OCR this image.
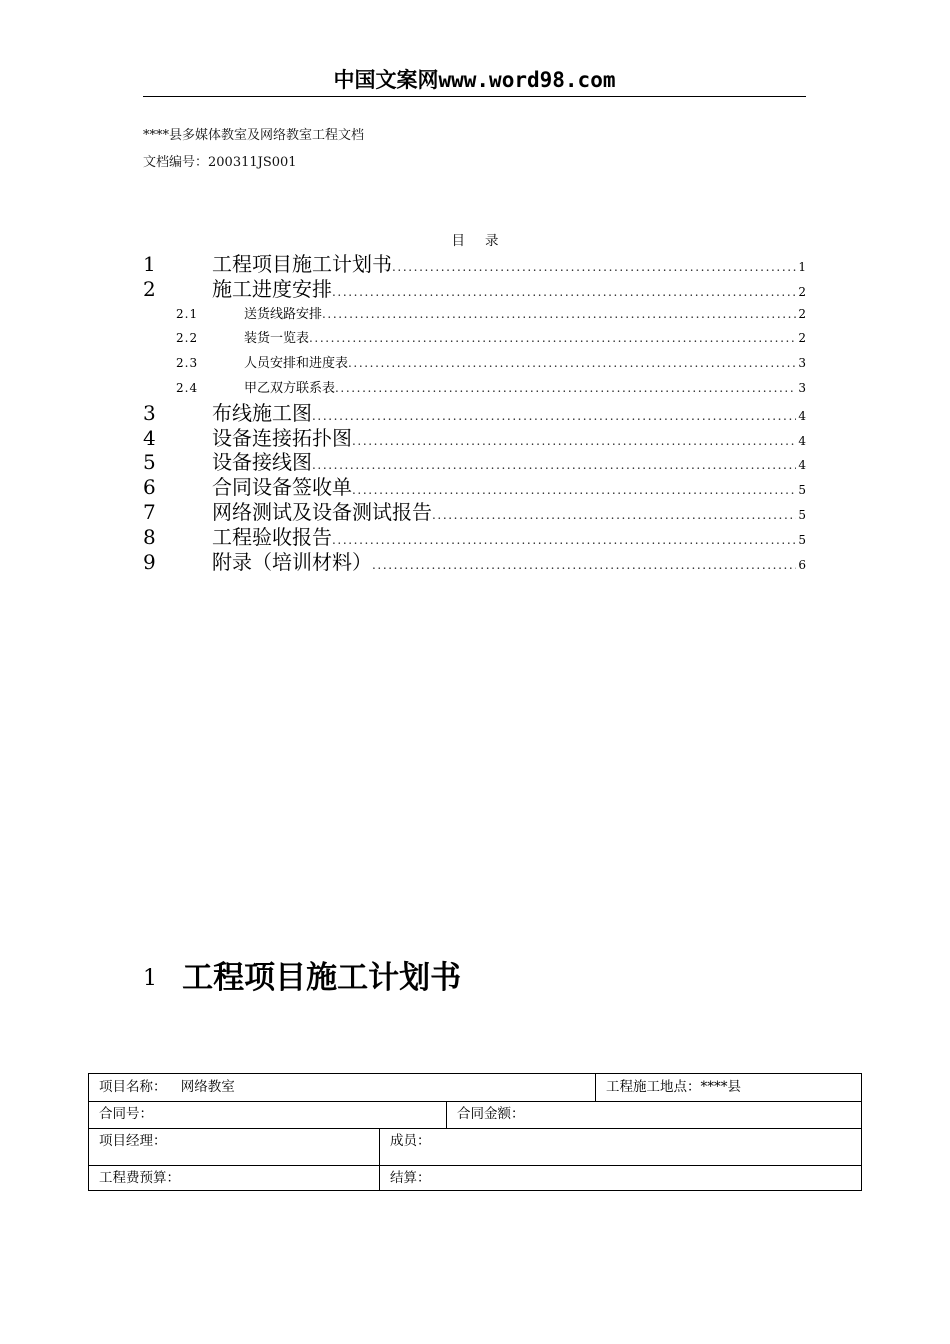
中国文案网www.word98.com
****县多媒体教室及网络教室工程文档
文档编号：200311JS001
目录
1	工程项目施工计划书 .....	1
2	施工进度安排 .....	2
2.1	送货线路安排 .....	2
2.2	装货一览表 .....	2
2.3	人员安排和进度表 .....	3
2.4	甲乙双方联系表 .....	3
3	布线施工图 .....	4
4	设备连接拓扑图 .....	4
5	设备接线图 .....	4
6	合同设备签收单 .....	5
7	网络测试及设备测试报告 .....	5
8	工程验收报告 .....	5
9	附录（培训材料） .....	6
1 工程项目施工计划书
项目名称： 网络教室	工程施工地点：****县
合同号：	合同金额：
项目经理：	成员：
工程费预算：	结算：
